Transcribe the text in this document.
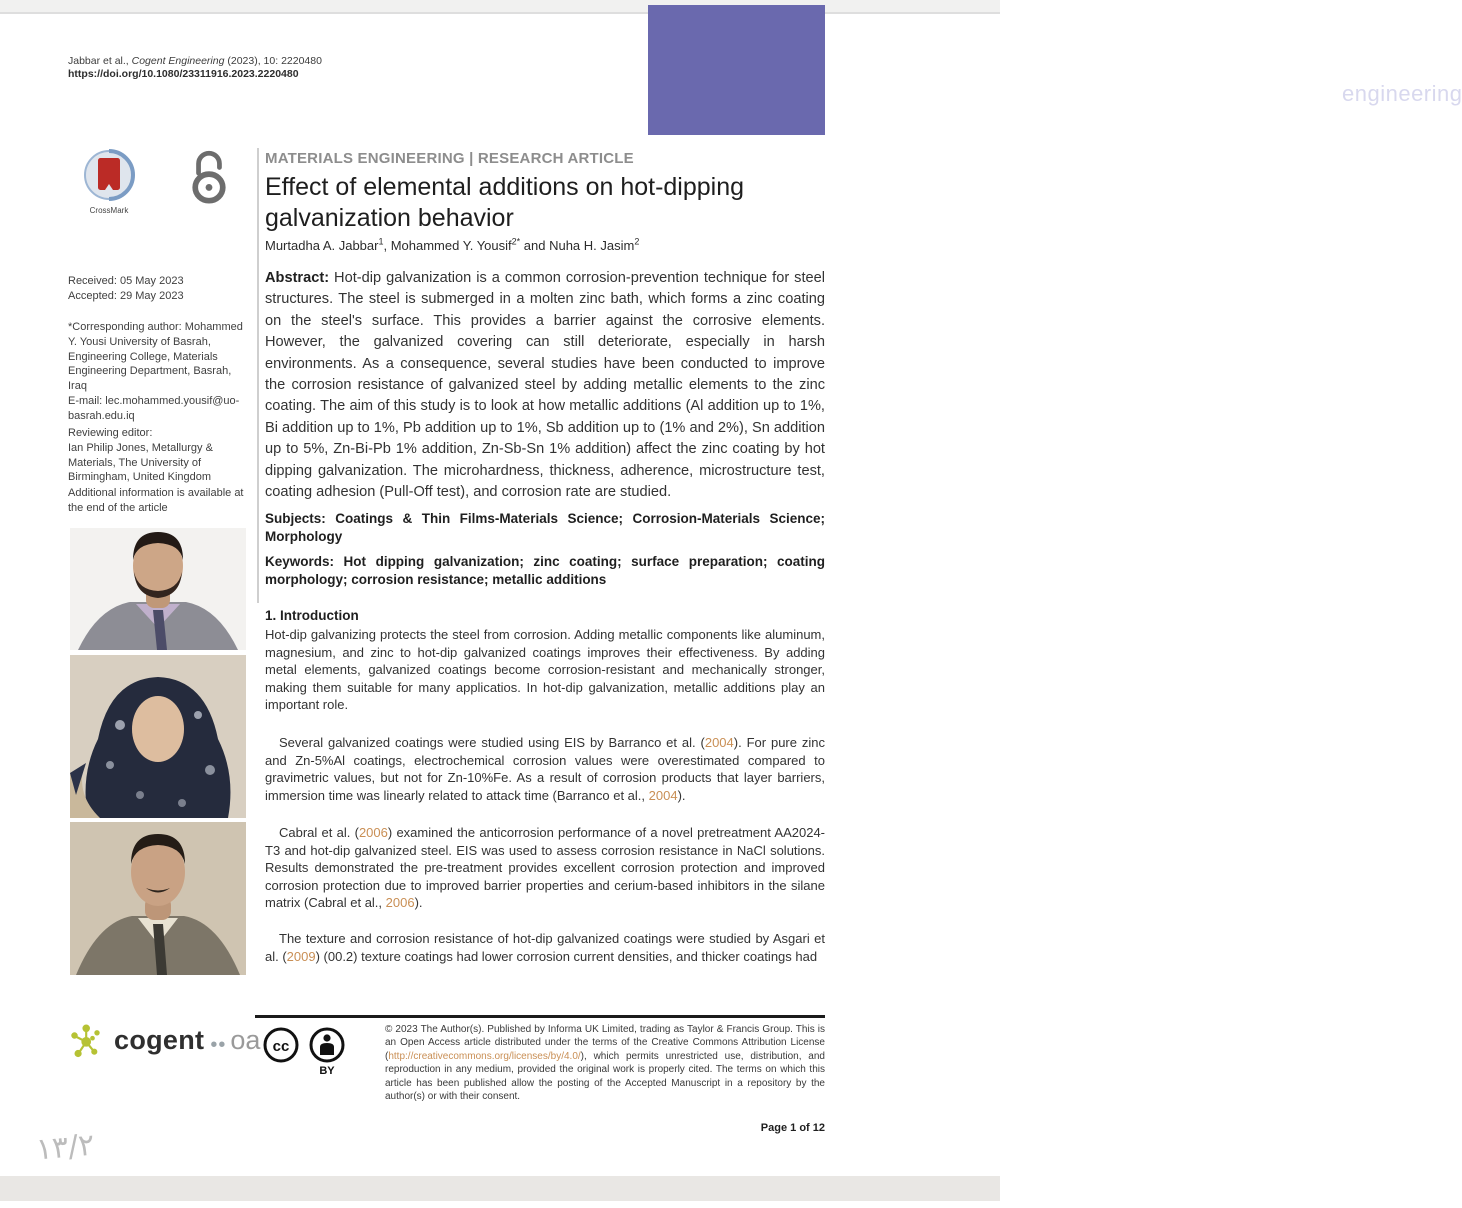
Jabbar et al., Cogent Engineering (2023), 10: 2220480
https://doi.org/10.1080/23311916.2023.2220480	cogent
engineering
CrossMark
MATERIALS ENGINEERING | RESEARCH ARTICLE
Effect of elemental additions on hot-dipping galvanization behavior
Murtadha A. Jabbar$^1$, Mohammed Y. Yousif$^{2*}$ and Nuha H. Jasim$^2$
Abstract: Hot-dip galvanization is a common corrosion-prevention technique for steel structures. The steel is submerged in a molten zinc bath, which forms a zinc coating on the steel's surface. This provides a barrier against the corrosive elements. However, the galvanized covering can still deteriorate, especially in harsh environments. As a consequence, several studies have been conducted to improve the corrosion resistance of galvanized steel by adding metallic elements to the zinc coating. The aim of this study is to look at how metallic additions (Al addition up to 1%, Bi addition up to 1%, Pb addition up to 1%, Sb addition up to (1% and 2%), Sn addition up to 5%, Zn-Bi-Pb 1% addition, Zn-Sb-Sn 1% addition) affect the zinc coating by hot dipping galvanization. The microhardness, thickness, adherence, microstructure test, coating adhesion (Pull-Off test), and corrosion rate are studied.
Subjects: Coatings & Thin Films-Materials Science; Corrosion-Materials Science; Morphology
Keywords: Hot dipping galvanization; zinc coating; surface preparation; coating morphology; corrosion resistance; metallic additions
1. Introduction
Hot-dip galvanizing protects the steel from corrosion. Adding metallic components like aluminum, magnesium, and zinc to hot-dip galvanized coatings improves their effectiveness. By adding metal elements, galvanized coatings become corrosion-resistant and mechanically stronger, making them suitable for many applicatios. In hot-dip galvanization, metallic additions play an important role.
Several galvanized coatings were studied using EIS by Barranco et al. (2004). For pure zinc and Zn-5%Al coatings, electrochemical corrosion values were overestimated compared to gravimetric values, but not for Zn-10%Fe. As a result of corrosion products that layer barriers, immersion time was linearly related to attack time (Barranco et al., 2004).
Cabral et al. (2006) examined the anticorrosion performance of a novel pretreatment AA2024-T3 and hot-dip galvanized steel. EIS was used to assess corrosion resistance in NaCl solutions. Results demonstrated the pre-treatment provides excellent corrosion protection and improved corrosion protection due to improved barrier properties and cerium-based inhibitors in the silane matrix (Cabral et al., 2006).
The texture and corrosion resistance of hot-dip galvanized coatings were studied by Asgari et al. (2009) (00.2) texture coatings had lower corrosion current densities, and thicker coatings had
Received: 05 May 2023
Accepted: 29 May 2023
*Corresponding author: Mohammed Y. Yousi University of Basrah, Engineering College, Materials Engineering Department, Basrah, Iraq
E-mail: lec.mohammed.yousif@uo-basrah.edu.iq
Reviewing editor:
Ian Philip Jones, Metallurgy & Materials, The University of Birmingham, United Kingdom
Additional information is available at the end of the article
cogent •• oa cc
BY
© 2023 The Author(s). Published by Informa UK Limited, trading as Taylor & Francis Group. This is an Open Access article distributed under the terms of the Creative Commons Attribution License (http://creativecommons.org/licenses/by/4.0/), which permits unrestricted use, distribution, and reproduction in any medium, provided the original work is properly cited. The terms on which this article has been published allow the posting of the Accepted Manuscript in a repository by the author(s) or with their consent.
Page 1 of 12
١٣/٢
